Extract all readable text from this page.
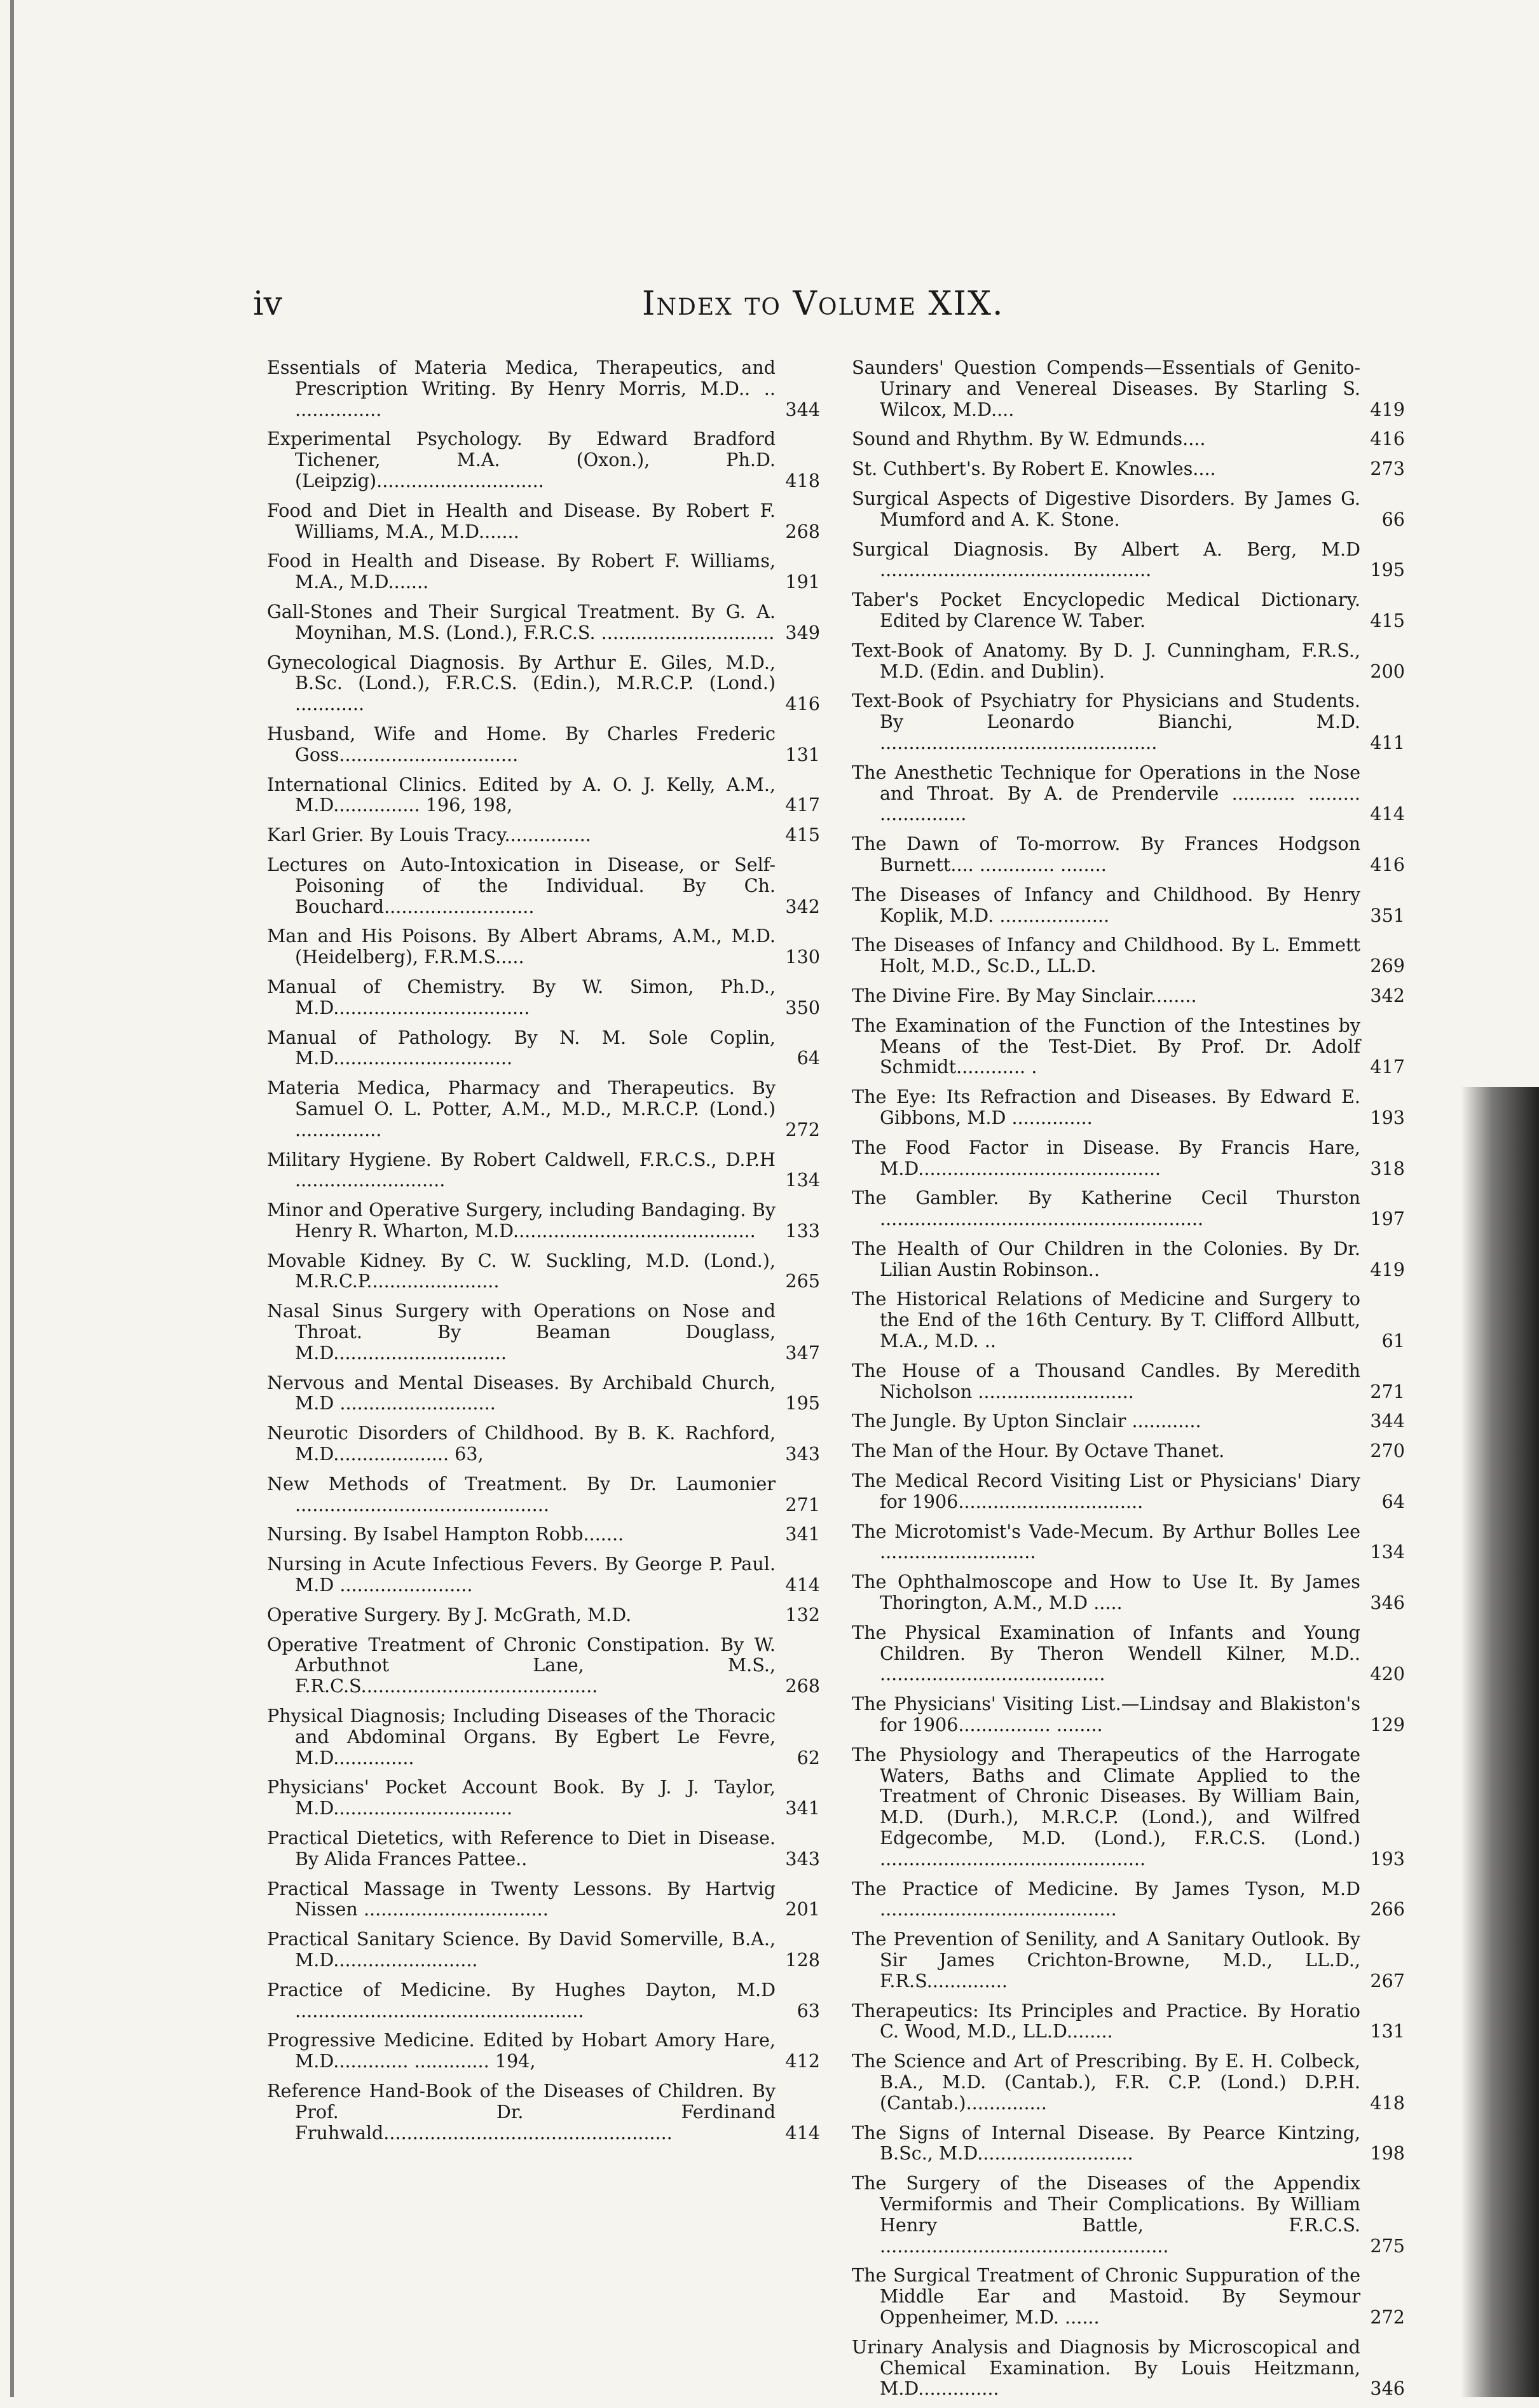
iv	Index to Volume XIX.
Essentials of Materia Medica, Therapeutics, and Prescription Writing. By Henry Morris, M.D.. .. ...............	344
Experimental Psychology. By Edward Bradford Tichener, M.A. (Oxon.), Ph.D. (Leipzig).............................	418
Food and Diet in Health and Disease. By Robert F. Williams, M.A., M.D.......	268
Food in Health and Disease. By Robert F. Williams, M.A., M.D.......	191
Gall-Stones and Their Surgical Treatment. By G. A. Moynihan, M.S. (Lond.), F.R.C.S. .............................. 349
Gynecological Diagnosis. By Arthur E. Giles, M.D., B.Sc. (Lond.), F.R.C.S. (Edin.), M.R.C.P. (Lond.) ............	416
Husband, Wife and Home. By Charles Frederic Goss...............................	131
International Clinics. Edited by A. O. J. Kelly, A.M., M.D............... 196, 198,	417
Karl Grier. By Louis Tracy...............	415
Lectures on Auto-Intoxication in Disease, or Self-Poisoning of the Individual. By Ch. Bouchard..........................	342
Man and His Poisons. By Albert Abrams, A.M., M.D. (Heidelberg), F.R.M.S.....	130
Manual of Chemistry. By W. Simon, Ph.D., M.D..................................	350
Manual of Pathology. By N. M. Sole Coplin, M.D...............................	64
Materia Medica, Pharmacy and Therapeutics. By Samuel O. L. Potter, A.M., M.D., M.R.C.P. (Lond.) ...............	272
Military Hygiene. By Robert Caldwell, F.R.C.S., D.P.H ..........................	134
Minor and Operative Surgery, including Bandaging. By Henry R. Wharton, M.D..........................................	133
Movable Kidney. By C. W. Suckling, M.D. (Lond.), M.R.C.P.......................	265
Nasal Sinus Surgery with Operations on Nose and Throat. By Beaman Douglass, M.D..............................	347
Nervous and Mental Diseases. By Archibald Church, M.D ...........................	195
Neurotic Disorders of Childhood. By B. K. Rachford, M.D.................... 63,	343
New Methods of Treatment. By Dr. Laumonier ............................................	271
Nursing. By Isabel Hampton Robb.......	341
Nursing in Acute Infectious Fevers. By George P. Paul. M.D .......................	414
Operative Surgery. By J. McGrath, M.D.	132
Operative Treatment of Chronic Constipation. By W. Arbuthnot Lane, M.S., F.R.C.S.........................................	268
Physical Diagnosis; Including Diseases of the Thoracic and Abdominal Organs. By Egbert Le Fevre, M.D..............	62
Physicians' Pocket Account Book. By J. J. Taylor, M.D...............................	341
Practical Dietetics, with Reference to Diet in Disease. By Alida Frances Pattee..	343
Practical Massage in Twenty Lessons. By Hartvig Nissen ................................	201
Practical Sanitary Science. By David Somerville, B.A., M.D.........................	128
Practice of Medicine. By Hughes Dayton, M.D ..................................................	63
Progressive Medicine. Edited by Hobart Amory Hare, M.D............. ............. 194,	412
Reference Hand-Book of the Diseases of Children. By Prof. Dr. Ferdinand Fruhwald..................................................	414
Saunders' Question Compends—Essentials of Genito-Urinary and Venereal Diseases. By Starling S. Wilcox, M.D....	419
Sound and Rhythm. By W. Edmunds....	416
St. Cuthbert's. By Robert E. Knowles....	273
Surgical Aspects of Digestive Disorders. By James G. Mumford and A. K. Stone.	66
Surgical Diagnosis. By Albert A. Berg, M.D ...............................................	195
Taber's Pocket Encyclopedic Medical Dictionary. Edited by Clarence W. Taber.	415
Text-Book of Anatomy. By D. J. Cunningham, F.R.S., M.D. (Edin. and Dublin).	200
Text-Book of Psychiatry for Physicians and Students. By Leonardo Bianchi, M.D. ................................................	411
The Anesthetic Technique for Operations in the Nose and Throat. By A. de Prendervile ........... ......... ...............	414
The Dawn of To-morrow. By Frances Hodgson Burnett.... ............. ........	416
The Diseases of Infancy and Childhood. By Henry Koplik, M.D. ...................	351
The Diseases of Infancy and Childhood. By L. Emmett Holt, M.D., Sc.D., LL.D.	269
The Divine Fire. By May Sinclair........	342
The Examination of the Function of the Intestines by Means of the Test-Diet. By Prof. Dr. Adolf Schmidt............ .	417
The Eye: Its Refraction and Diseases. By Edward E. Gibbons, M.D ..............	193
The Food Factor in Disease. By Francis Hare, M.D..........................................	318
The Gambler. By Katherine Cecil Thurston ........................................................	197
The Health of Our Children in the Colonies. By Dr. Lilian Austin Robinson..	419
The Historical Relations of Medicine and Surgery to the End of the 16th Century. By T. Clifford Allbutt, M.A., M.D. ..	61
The House of a Thousand Candles. By Meredith Nicholson ...........................	271
The Jungle. By Upton Sinclair ............	344
The Man of the Hour. By Octave Thanet.	270
The Medical Record Visiting List or Physicians' Diary for 1906................................	64
The Microtomist's Vade-Mecum. By Arthur Bolles Lee ...........................	134
The Ophthalmoscope and How to Use It. By James Thorington, A.M., M.D .....	346
The Physical Examination of Infants and Young Children. By Theron Wendell Kilner, M.D.. .......................................	420
The Physicians' Visiting List.—Lindsay and Blakiston's for 1906................ ........	129
The Physiology and Therapeutics of the Harrogate Waters, Baths and Climate Applied to the Treatment of Chronic Diseases. By William Bain, M.D. (Durh.), M.R.C.P. (Lond.), and Wilfred Edgecombe, M.D. (Lond.), F.R.C.S. (Lond.) ..............................................	193
The Practice of Medicine. By James Tyson, M.D .........................................	266
The Prevention of Senility, and A Sanitary Outlook. By Sir James Crichton-Browne, M.D., LL.D., F.R.S..............	267
Therapeutics: Its Principles and Practice. By Horatio C. Wood, M.D., LL.D........	131
The Science and Art of Prescribing. By E. H. Colbeck, B.A., M.D. (Cantab.), F.R. C.P. (Lond.) D.P.H. (Cantab.)..............	418
The Signs of Internal Disease. By Pearce Kintzing, B.Sc., M.D...........................	198
The Surgery of the Diseases of the Appendix Vermiformis and Their Complications. By William Henry Battle, F.R.C.S. ..................................................	275
The Surgical Treatment of Chronic Suppuration of the Middle Ear and Mastoid. By Seymour Oppenheimer, M.D. ......	272
Urinary Analysis and Diagnosis by Microscopical and Chemical Examination. By Louis Heitzmann, M.D..............	346
